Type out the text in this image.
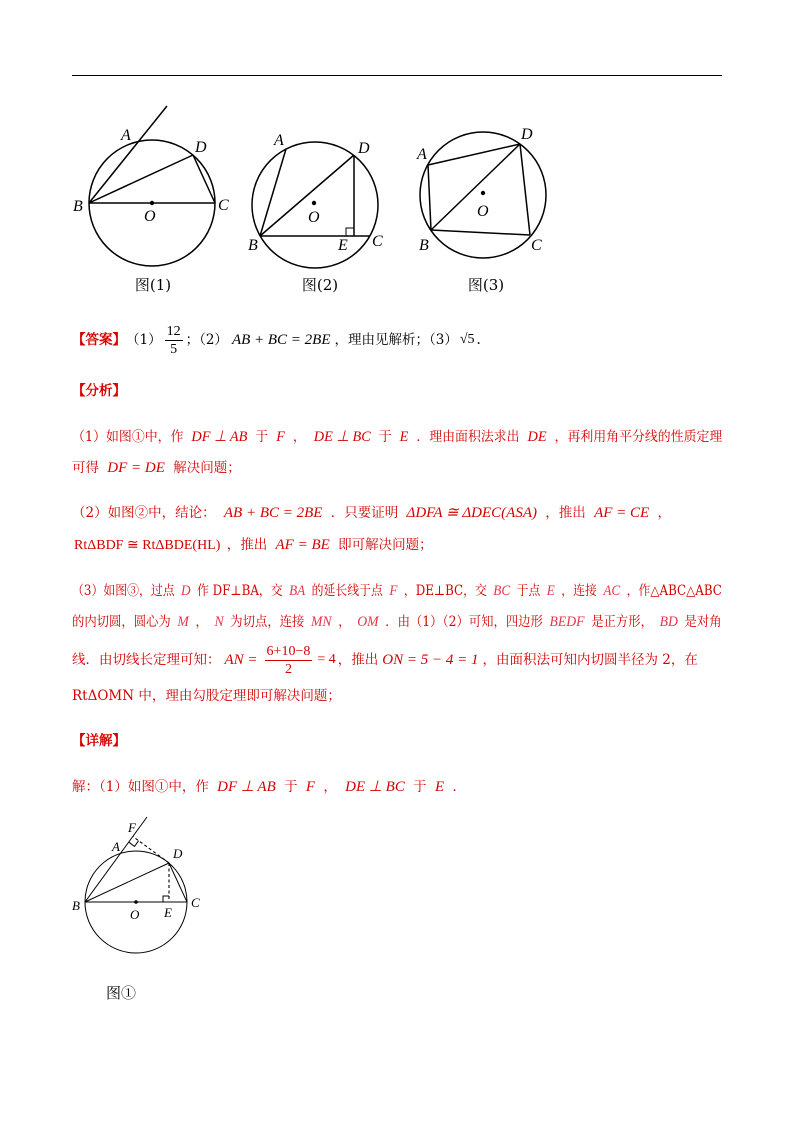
A
D
B	C
O
图(1)
A	D
B	E C
O
图(2)
A
D
B	C
O
图(3)
【答案】 $(1) \frac{12}{5}$ ；（2） AB + BC = 2BE ，理由见解析；（3） √5 .
【分析】
（1）如图①中，作 DF ⊥ AB 于 F ， DE ⊥ BC 于 E ．理由面积法求出 DE ，再利用角平分线的性质定理
可得 DF = DE 解决问题；
（2）如图②中，结论： AB + BC = 2BE ．只要证明 ΔDFA ≅ ΔDEC(ASA) ，推出 AF = CE ，
RtΔBDF ≅ RtΔBDE(HL) ，推出 AF = BE 即可解决问题；
（3）如图③，过点 D 作 DF⊥BA，交 BA 的延长线于点 F ，DE⊥BC，交 BC 于点 E ，连接 AC ，作△ABC△ABC
的内切圆，圆心为 M ， N 为切点，连接 MN ， OM ．由（1）（2）可知，四边形 BEDF 是正方形， BD 是对角
线．由切线长定理可知： AN = $\frac{6+10-8}{2} = 4$ ，推出 ON = 5 − 4 = 1 ，由面积法可知内切圆半径为 2，在
RtΔOMN 中，理由勾股定理即可解决问题；
【详解】
解：（1）如图①中，作 DF ⊥ AB 于 F ， DE ⊥ BC 于 E .
F
A	D
B
O E
C
图①
